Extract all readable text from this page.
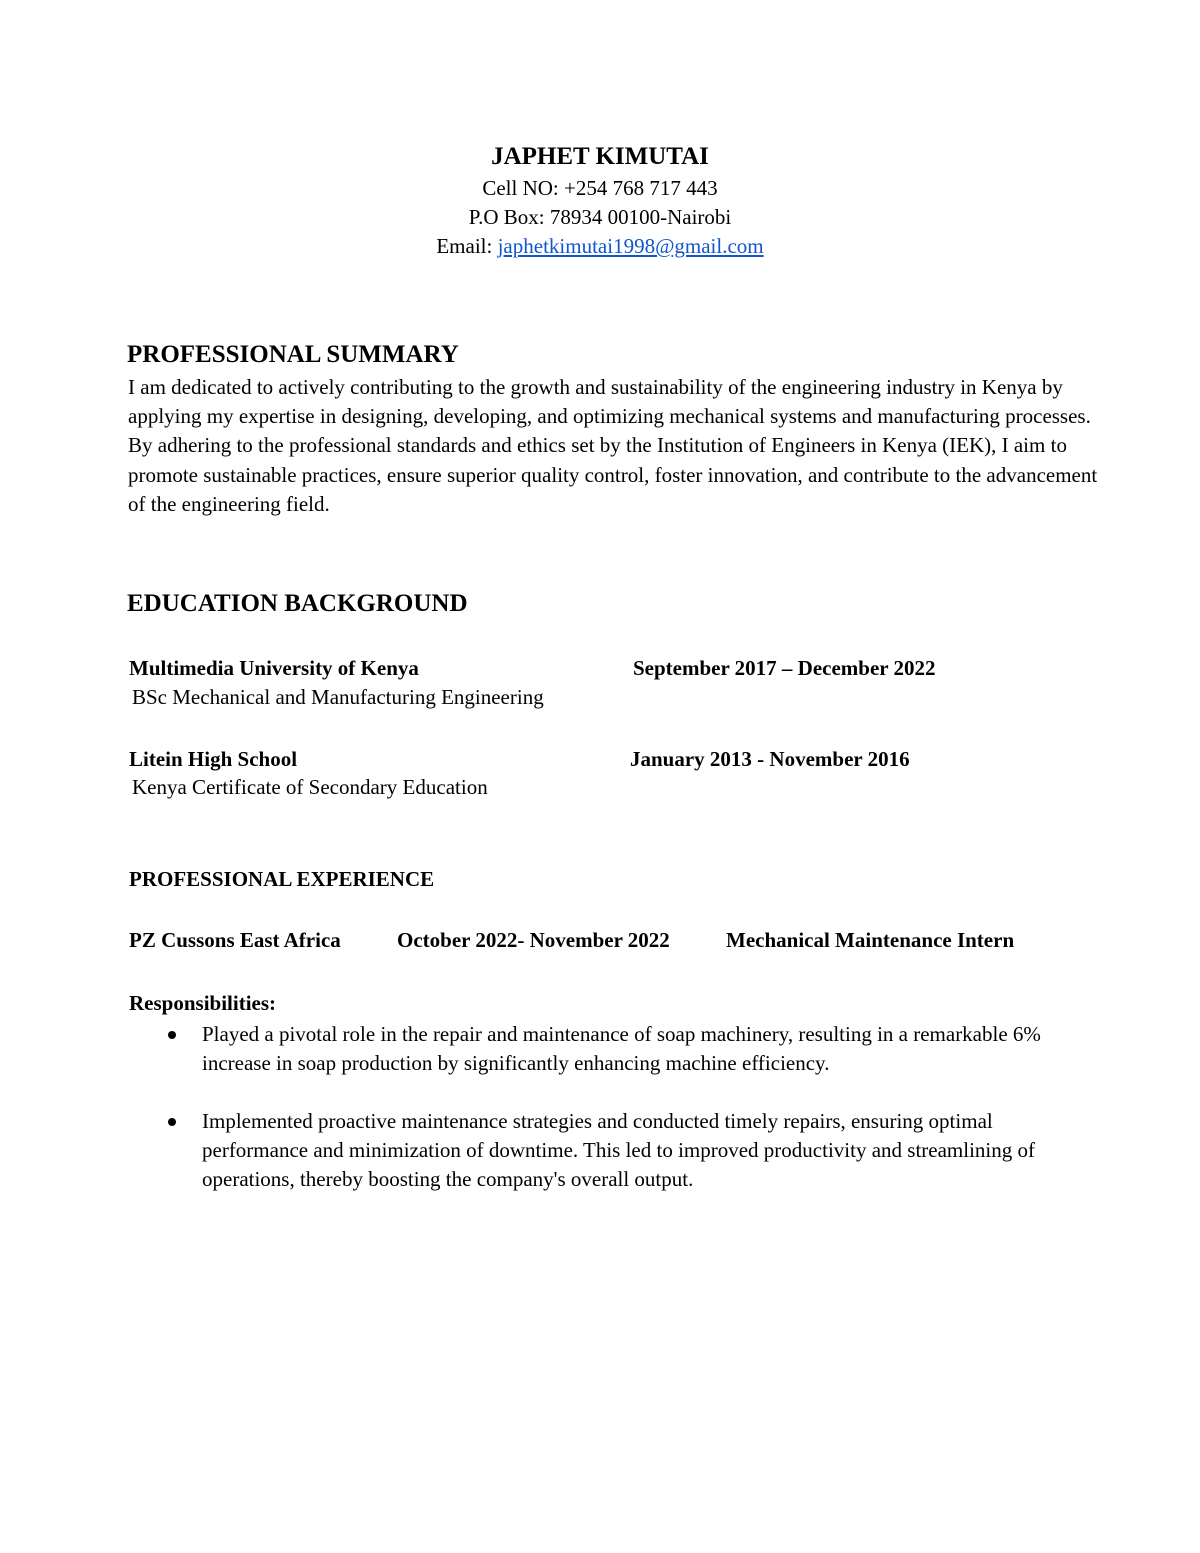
JAPHET KIMUTAI
Cell NO: +254 768 717 443
P.O Box: 78934 00100-Nairobi
Email: japhetkimutai1998@gmail.com
PROFESSIONAL SUMMARY
I am dedicated to actively contributing to the growth and sustainability of the engineering industry in Kenya by applying my expertise in designing, developing, and optimizing mechanical systems and manufacturing processes. By adhering to the professional standards and ethics set by the Institution of Engineers in Kenya (IEK), I aim to promote sustainable practices, ensure superior quality control, foster innovation, and contribute to the advancement of the engineering field.
EDUCATION BACKGROUND
Multimedia University of Kenya	September 2017 – December 2022
BSc Mechanical and Manufacturing Engineering
Litein High School	January 2013 - November 2016
Kenya Certificate of Secondary Education
PROFESSIONAL EXPERIENCE
PZ Cussons East Africa	October 2022- November 2022	Mechanical Maintenance Intern
Responsibilities:
Played a pivotal role in the repair and maintenance of soap machinery, resulting in a remarkable 6% increase in soap production by significantly enhancing machine efficiency.
Implemented proactive maintenance strategies and conducted timely repairs, ensuring optimal performance and minimization of downtime. This led to improved productivity and streamlining of operations, thereby boosting the company's overall output.
